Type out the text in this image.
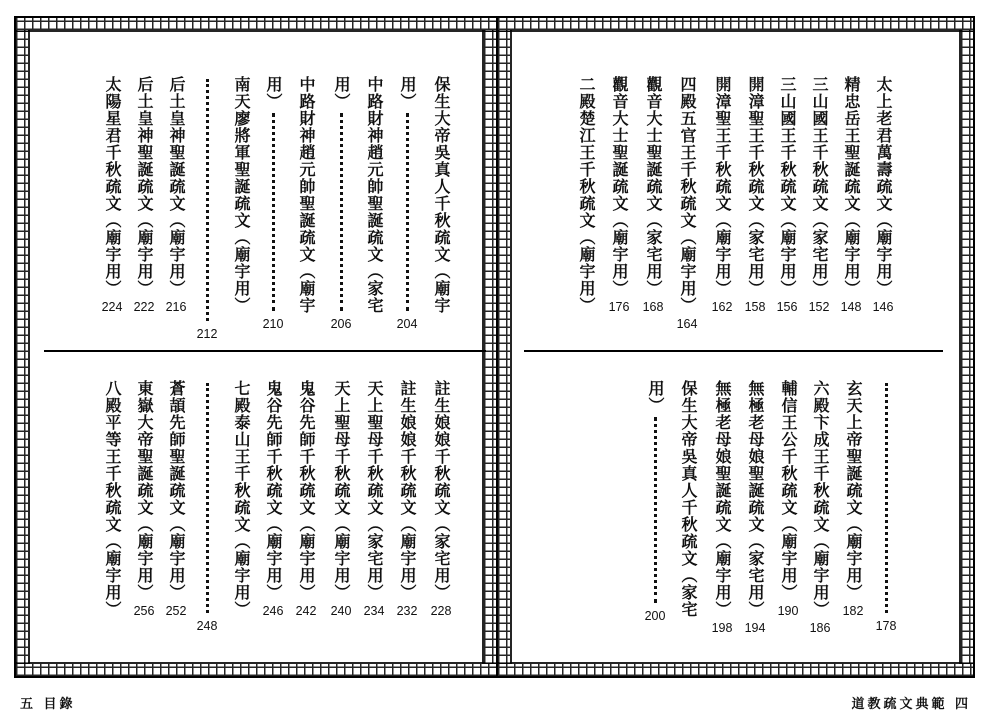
保生大帝吳真人千秋疏文（廟宇
用）
204
中路財神趙元帥聖誕疏文（家宅
用）
206
中路財神趙元帥聖誕疏文（廟宇
用）
210
南天廖將軍聖誕疏文（廟宇用）
212
后土皇神聖誕疏文（廟宇用）
216
后土皇神聖誕疏文（廟宇用）
222
太陽星君千秋疏文（廟宇用）
224
註生娘娘千秋疏文（家宅用）
228
註生娘娘千秋疏文（廟宇用）
232
天上聖母千秋疏文（家宅用）
234
天上聖母千秋疏文（廟宇用）
240
鬼谷先師千秋疏文（廟宇用）
242
鬼谷先師千秋疏文（廟宇用）
246
七殿泰山王千秋疏文（廟宇用）
248
蒼頡先師聖誕疏文（廟宇用）
252
東嶽大帝聖誕疏文（廟宇用）
256
八殿平等王千秋疏文（廟宇用）
太上老君萬壽疏文（廟宇用）
146
精忠岳王聖誕疏文（廟宇用）
148
三山國王千秋疏文（家宅用）
152
三山國王千秋疏文（廟宇用）
156
開漳聖王千秋疏文（家宅用）
158
開漳聖王千秋疏文（廟宇用）
162
四殿五官王千秋疏文（廟宇用）
164
觀音大士聖誕疏文（家宅用）
168
觀音大士聖誕疏文（廟宇用）
176
二殿楚江王千秋疏文（廟宇用）
178
玄天上帝聖誕疏文（廟宇用）
182
六殿卞成王千秋疏文（廟宇用）
186
輔信王公千秋疏文（廟宇用）
190
無極老母娘聖誕疏文（家宅用）
194
無極老母娘聖誕疏文（廟宇用）
198
保生大帝吳真人千秋疏文（家宅
用）
200
五 目錄	道教疏文典範 四
